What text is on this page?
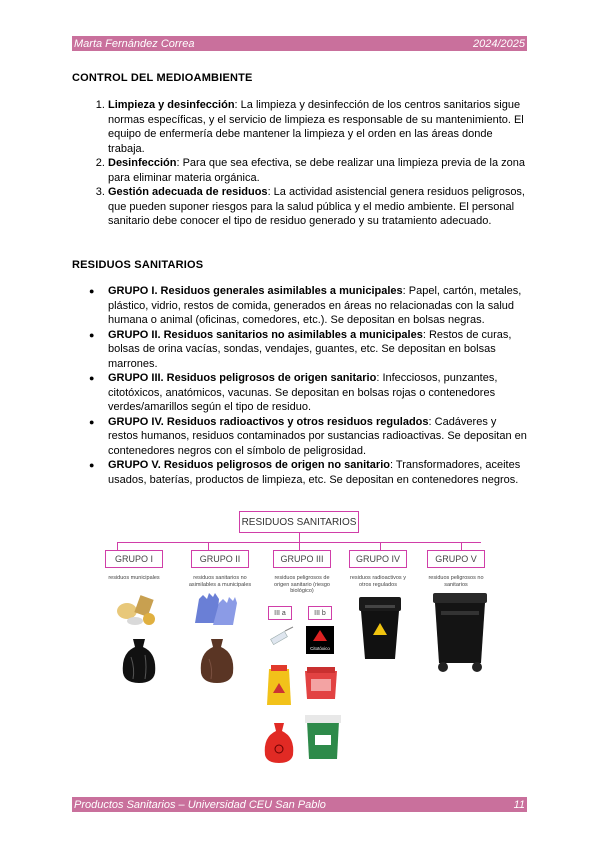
Marta Fernández Correa	2024/2025
CONTROL DEL MEDIOAMBIENTE
1. Limpieza y desinfección: La limpieza y desinfección de los centros sanitarios sigue normas específicas, y el servicio de limpieza es responsable de su mantenimiento. El equipo de enfermería debe mantener la limpieza y el orden en las áreas donde trabaja.
2. Desinfección: Para que sea efectiva, se debe realizar una limpieza previa de la zona para eliminar materia orgánica.
3. Gestión adecuada de residuos: La actividad asistencial genera residuos peligrosos, que pueden suponer riesgos para la salud pública y el medio ambiente. El personal sanitario debe conocer el tipo de residuo generado y su tratamiento adecuado.
RESIDUOS SANITARIOS
● GRUPO I. Residuos generales asimilables a municipales: Papel, cartón, metales, plástico, vidrio, restos de comida, generados en áreas no relacionadas con la salud humana o animal (oficinas, comedores, etc.). Se depositan en bolsas negras.
● GRUPO II. Residuos sanitarios no asimilables a municipales: Restos de curas, bolsas de orina vacías, sondas, vendajes, guantes, etc. Se depositan en bolsas marrones.
● GRUPO III. Residuos peligrosos de origen sanitario: Infecciosos, punzantes, citotóxicos, anatómicos, vacunas. Se depositan en bolsas rojas o contenedores verdes/amarillos según el tipo de residuo.
● GRUPO IV. Residuos radioactivos y otros residuos regulados: Cadáveres y restos humanos, residuos contaminados por sustancias radioactivas. Se depositan en contenedores negros con el símbolo de peligrosidad.
● GRUPO V. Residuos peligrosos de origen no sanitario: Transformadores, aceites usados, baterías, productos de limpieza, etc. Se depositan en contenedores negros.
RESIDUOS SANITARIOS
GRUPO I	GRUPO II	GRUPO III	GRUPO IV	GRUPO V
residuos municipales	residuos sanitarios no asimilables a municipales
residuos peligrosos de origen sanitario (riesgo biológico)
residuos radioactivos y otros regulados
residuos peligrosos no sanitarios
III a	III b
Citotóxico
Productos Sanitarios – Universidad CEU San Pablo	11
